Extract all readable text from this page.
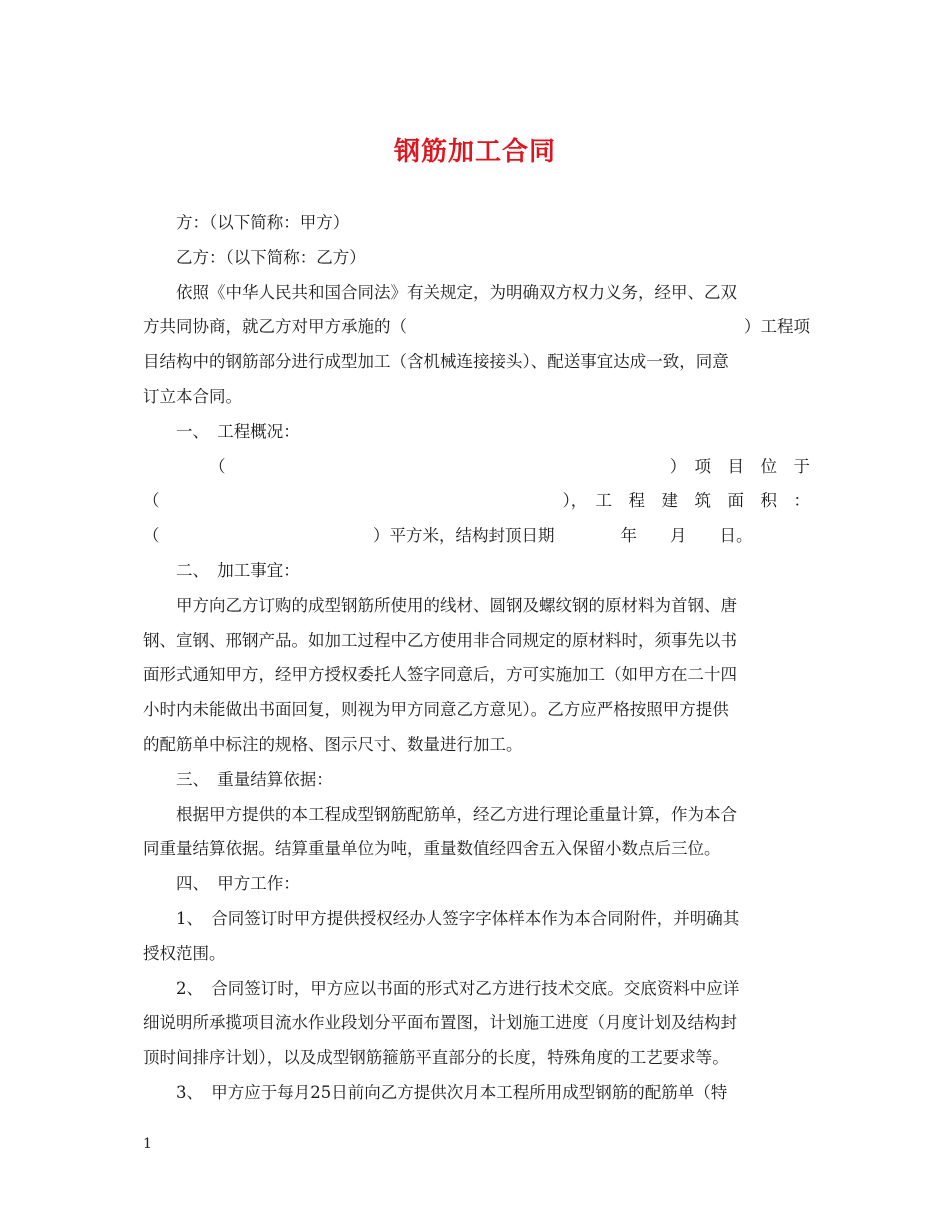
钢筋加工合同
方：（以下简称：甲方）
乙方：（以下简称：乙方）
依照《中华人民共和国合同法》有关规定，为明确双方权力义务，经甲、乙双
方共同协商，就乙方对甲方承施的（	）工程项
目结构中的钢筋部分进行成型加工（含机械连接接头）、配送事宜达成一致，同意
订立本合同。
一、　工程概况：
（	）　项　目　位　于
（	），　工　程　建　筑　面　积　：
（	）平方米，结构封顶日期　　　　年　　月　　日。
二、　加工事宜：
甲方向乙方订购的成型钢筋所使用的线材、圆钢及螺纹钢的原材料为首钢、唐
钢、宣钢、邢钢产品。如加工过程中乙方使用非合同规定的原材料时，须事先以书
面形式通知甲方，经甲方授权委托人签字同意后，方可实施加工（如甲方在二十四
小时内未能做出书面回复，则视为甲方同意乙方意见）。乙方应严格按照甲方提供
的配筋单中标注的规格、图示尺寸、数量进行加工。
三、　重量结算依据：
根据甲方提供的本工程成型钢筋配筋单，经乙方进行理论重量计算，作为本合
同重量结算依据。结算重量单位为吨，重量数值经四舍五入保留小数点后三位。
四、　甲方工作：
1、　合同签订时甲方提供授权经办人签字字体样本作为本合同附件，并明确其
授权范围。
2、　合同签订时，甲方应以书面的形式对乙方进行技术交底。交底资料中应详
细说明所承揽项目流水作业段划分平面布置图，计划施工进度（月度计划及结构封
顶时间排序计划），以及成型钢筋箍筋平直部分的长度，特殊角度的工艺要求等。
3、　甲方应于每月25日前向乙方提供次月本工程所用成型钢筋的配筋单（特
1
